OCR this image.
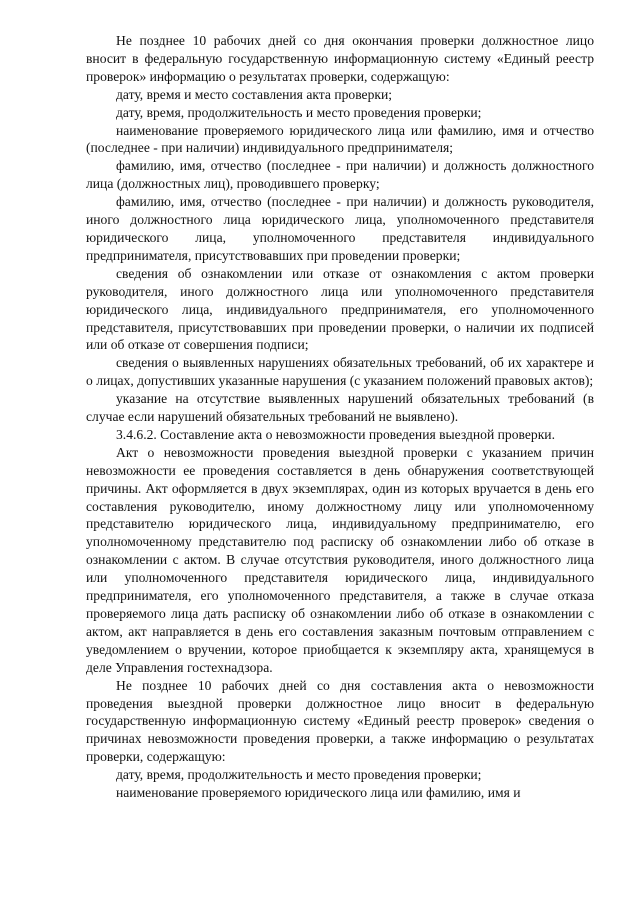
Не позднее 10 рабочих дней со дня окончания проверки должностное лицо вносит в федеральную государственную информационную систему «Единый реестр проверок» информацию о результатах проверки, содержащую:

дату, время и место составления акта проверки;

дату, время, продолжительность и место проведения проверки;

наименование проверяемого юридического лица или фамилию, имя и отчество (последнее - при наличии) индивидуального предпринимателя;

фамилию, имя, отчество (последнее - при наличии) и должность должностного лица (должностных лиц), проводившего проверку;

фамилию, имя, отчество (последнее - при наличии) и должность руководителя, иного должностного лица юридического лица, уполномоченного представителя юридического лица, уполномоченного представителя индивидуального предпринимателя, присутствовавших при проведении проверки;

сведения об ознакомлении или отказе от ознакомления с актом проверки руководителя, иного должностного лица или уполномоченного представителя юридического лица, индивидуального предпринимателя, его уполномоченного представителя, присутствовавших при проведении проверки, о наличии их подписей или об отказе от совершения подписи;

сведения о выявленных нарушениях обязательных требований, об их характере и о лицах, допустивших указанные нарушения (с указанием положений правовых актов);

указание на отсутствие выявленных нарушений обязательных требований (в случае если нарушений обязательных требований не выявлено).

3.4.6.2. Составление акта о невозможности проведения выездной проверки.

Акт о невозможности проведения выездной проверки с указанием причин невозможности ее проведения составляется в день обнаружения соответствующей причины. Акт оформляется в двух экземплярах, один из которых вручается в день его составления руководителю, иному должностному лицу или уполномоченному представителю юридического лица, индивидуальному предпринимателю, его уполномоченному представителю под расписку об ознакомлении либо об отказе в ознакомлении с актом. В случае отсутствия руководителя, иного должностного лица или уполномоченного представителя юридического лица, индивидуального предпринимателя, его уполномоченного представителя, а также в случае отказа проверяемого лица дать расписку об ознакомлении либо об отказе в ознакомлении с актом, акт направляется в день его составления заказным почтовым отправлением с уведомлением о вручении, которое приобщается к экземпляру акта, хранящемуся в деле Управления гостехнадзора.

Не позднее 10 рабочих дней со дня составления акта о невозможности проведения выездной проверки должностное лицо вносит в федеральную государственную информационную систему «Единый реестр проверок» сведения о причинах невозможности проведения проверки, а также информацию о результатах проверки, содержащую:

дату, время, продолжительность и место проведения проверки;

наименование проверяемого юридического лица или фамилию, имя и
